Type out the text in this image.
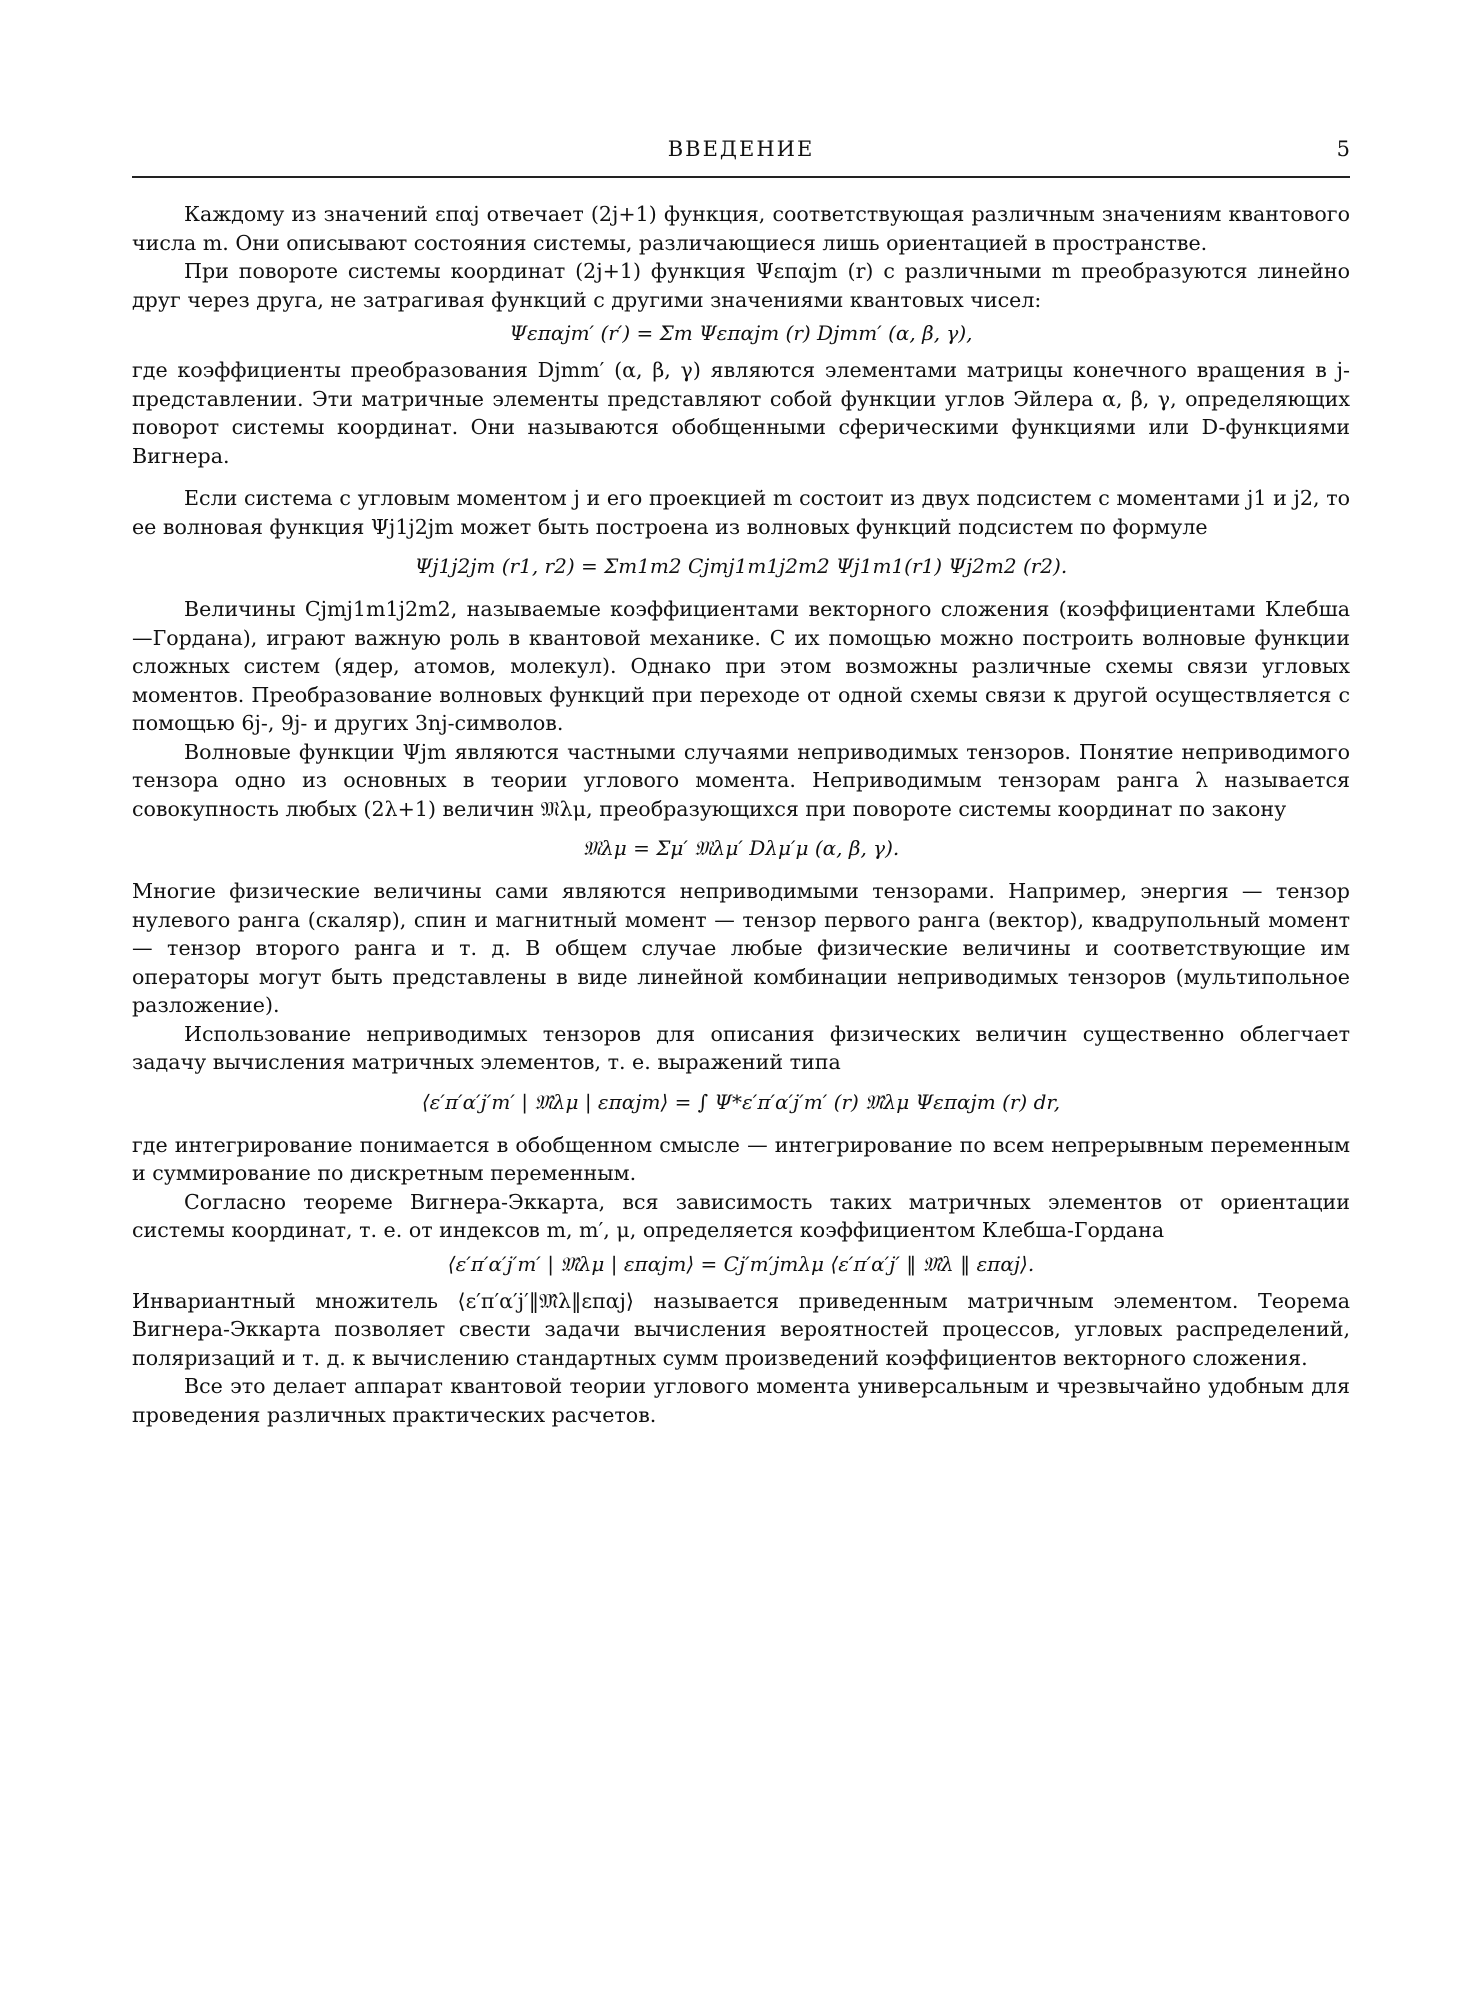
ВВЕДЕНИЕ	5

Каждому из значений επαj отвечает (2j+1) функция, соответствующая различным значениям квантового числа m. Они описывают состояния системы, различающиеся лишь ориентацией в пространстве.

При повороте системы координат (2j+1) функция Ψεπαjm (r) с различными m преобразуются линейно друг через друга, не затрагивая функций с другими значениями квантовых чисел:

Ψεπαjm′ (r′) = Σm Ψεπαjm (r) Djmm′ (α, β, γ),

где коэффициенты преобразования Djmm′ (α, β, γ) являются элементами матрицы конечного вращения в j-представлении. Эти матричные элементы представляют собой функции углов Эйлера α, β, γ, определяющих поворот системы координат. Они называются обобщенными сферическими функциями или D-функциями Вигнера.

Если система с угловым моментом j и его проекцией m состоит из двух подсистем с моментами j1 и j2, то ее волновая функция Ψj1j2jm может быть построена из волновых функций подсистем по формуле

Ψj1j2jm (r1, r2) = Σm1m2 Cjmj1m1j2m2 Ψj1m1(r1) Ψj2m2 (r2).

Величины Cjmj1m1j2m2, называемые коэффициентами векторного сложения (коэффициентами Клебша—Гордана), играют важную роль в квантовой механике. С их помощью можно построить волновые функции сложных систем (ядер, атомов, молекул). Однако при этом возможны различные схемы связи угловых моментов. Преобразование волновых функций при переходе от одной схемы связи к другой осуществляется с помощью 6j-, 9j- и других 3nj-символов.

Волновые функции Ψjm являются частными случаями неприводимых тензоров. Понятие неприводимого тензора одно из основных в теории углового момента. Неприводимым тензорам ранга λ называется совокупность любых (2λ+1) величин 𝔐λμ, преобразующихся при повороте системы координат по закону

𝔐λμ = Σμ′ 𝔐λμ′ Dλμ′μ (α, β, γ).

Многие физические величины сами являются неприводимыми тензорами. Например, энергия — тензор нулевого ранга (скаляр), спин и магнитный момент — тензор первого ранга (вектор), квадрупольный момент — тензор второго ранга и т. д. В общем случае любые физические величины и соответствующие им операторы могут быть представлены в виде линейной комбинации неприводимых тензоров (мультипольное разложение).

Использование неприводимых тензоров для описания физических величин существенно облегчает задачу вычисления матричных элементов, т. е. выражений типа

⟨ε′π′α′j′m′ | 𝔐̂λμ | επαjm⟩ = ∫ Ψ*ε′π′α′j′m′ (r) 𝔐̂λμ Ψεπαjm (r) dr,

где интегрирование понимается в обобщенном смысле — интегрирование по всем непрерывным переменным и суммирование по дискретным переменным.

Согласно теореме Вигнера-Эккарта, вся зависимость таких матричных элементов от ориентации системы координат, т. е. от индексов m, m′, μ, определяется коэффициентом Клебша-Гордана

⟨ε′π′α′j′m′ | 𝔐̂λμ | επαjm⟩ = Cj′m′jmλμ ⟨ε′π′α′j′ ‖ 𝔐̂λ ‖ επαj⟩.

Инвариантный множитель ⟨ε′π′α′j′‖𝔐̂λ‖επαj⟩ называется приведенным матричным элементом. Теорема Вигнера-Эккарта позволяет свести задачи вычисления вероятностей процессов, угловых распределений, поляризаций и т. д. к вычислению стандартных сумм произведений коэффициентов векторного сложения.

Все это делает аппарат квантовой теории углового момента универсальным и чрезвычайно удобным для проведения различных практических расчетов.
